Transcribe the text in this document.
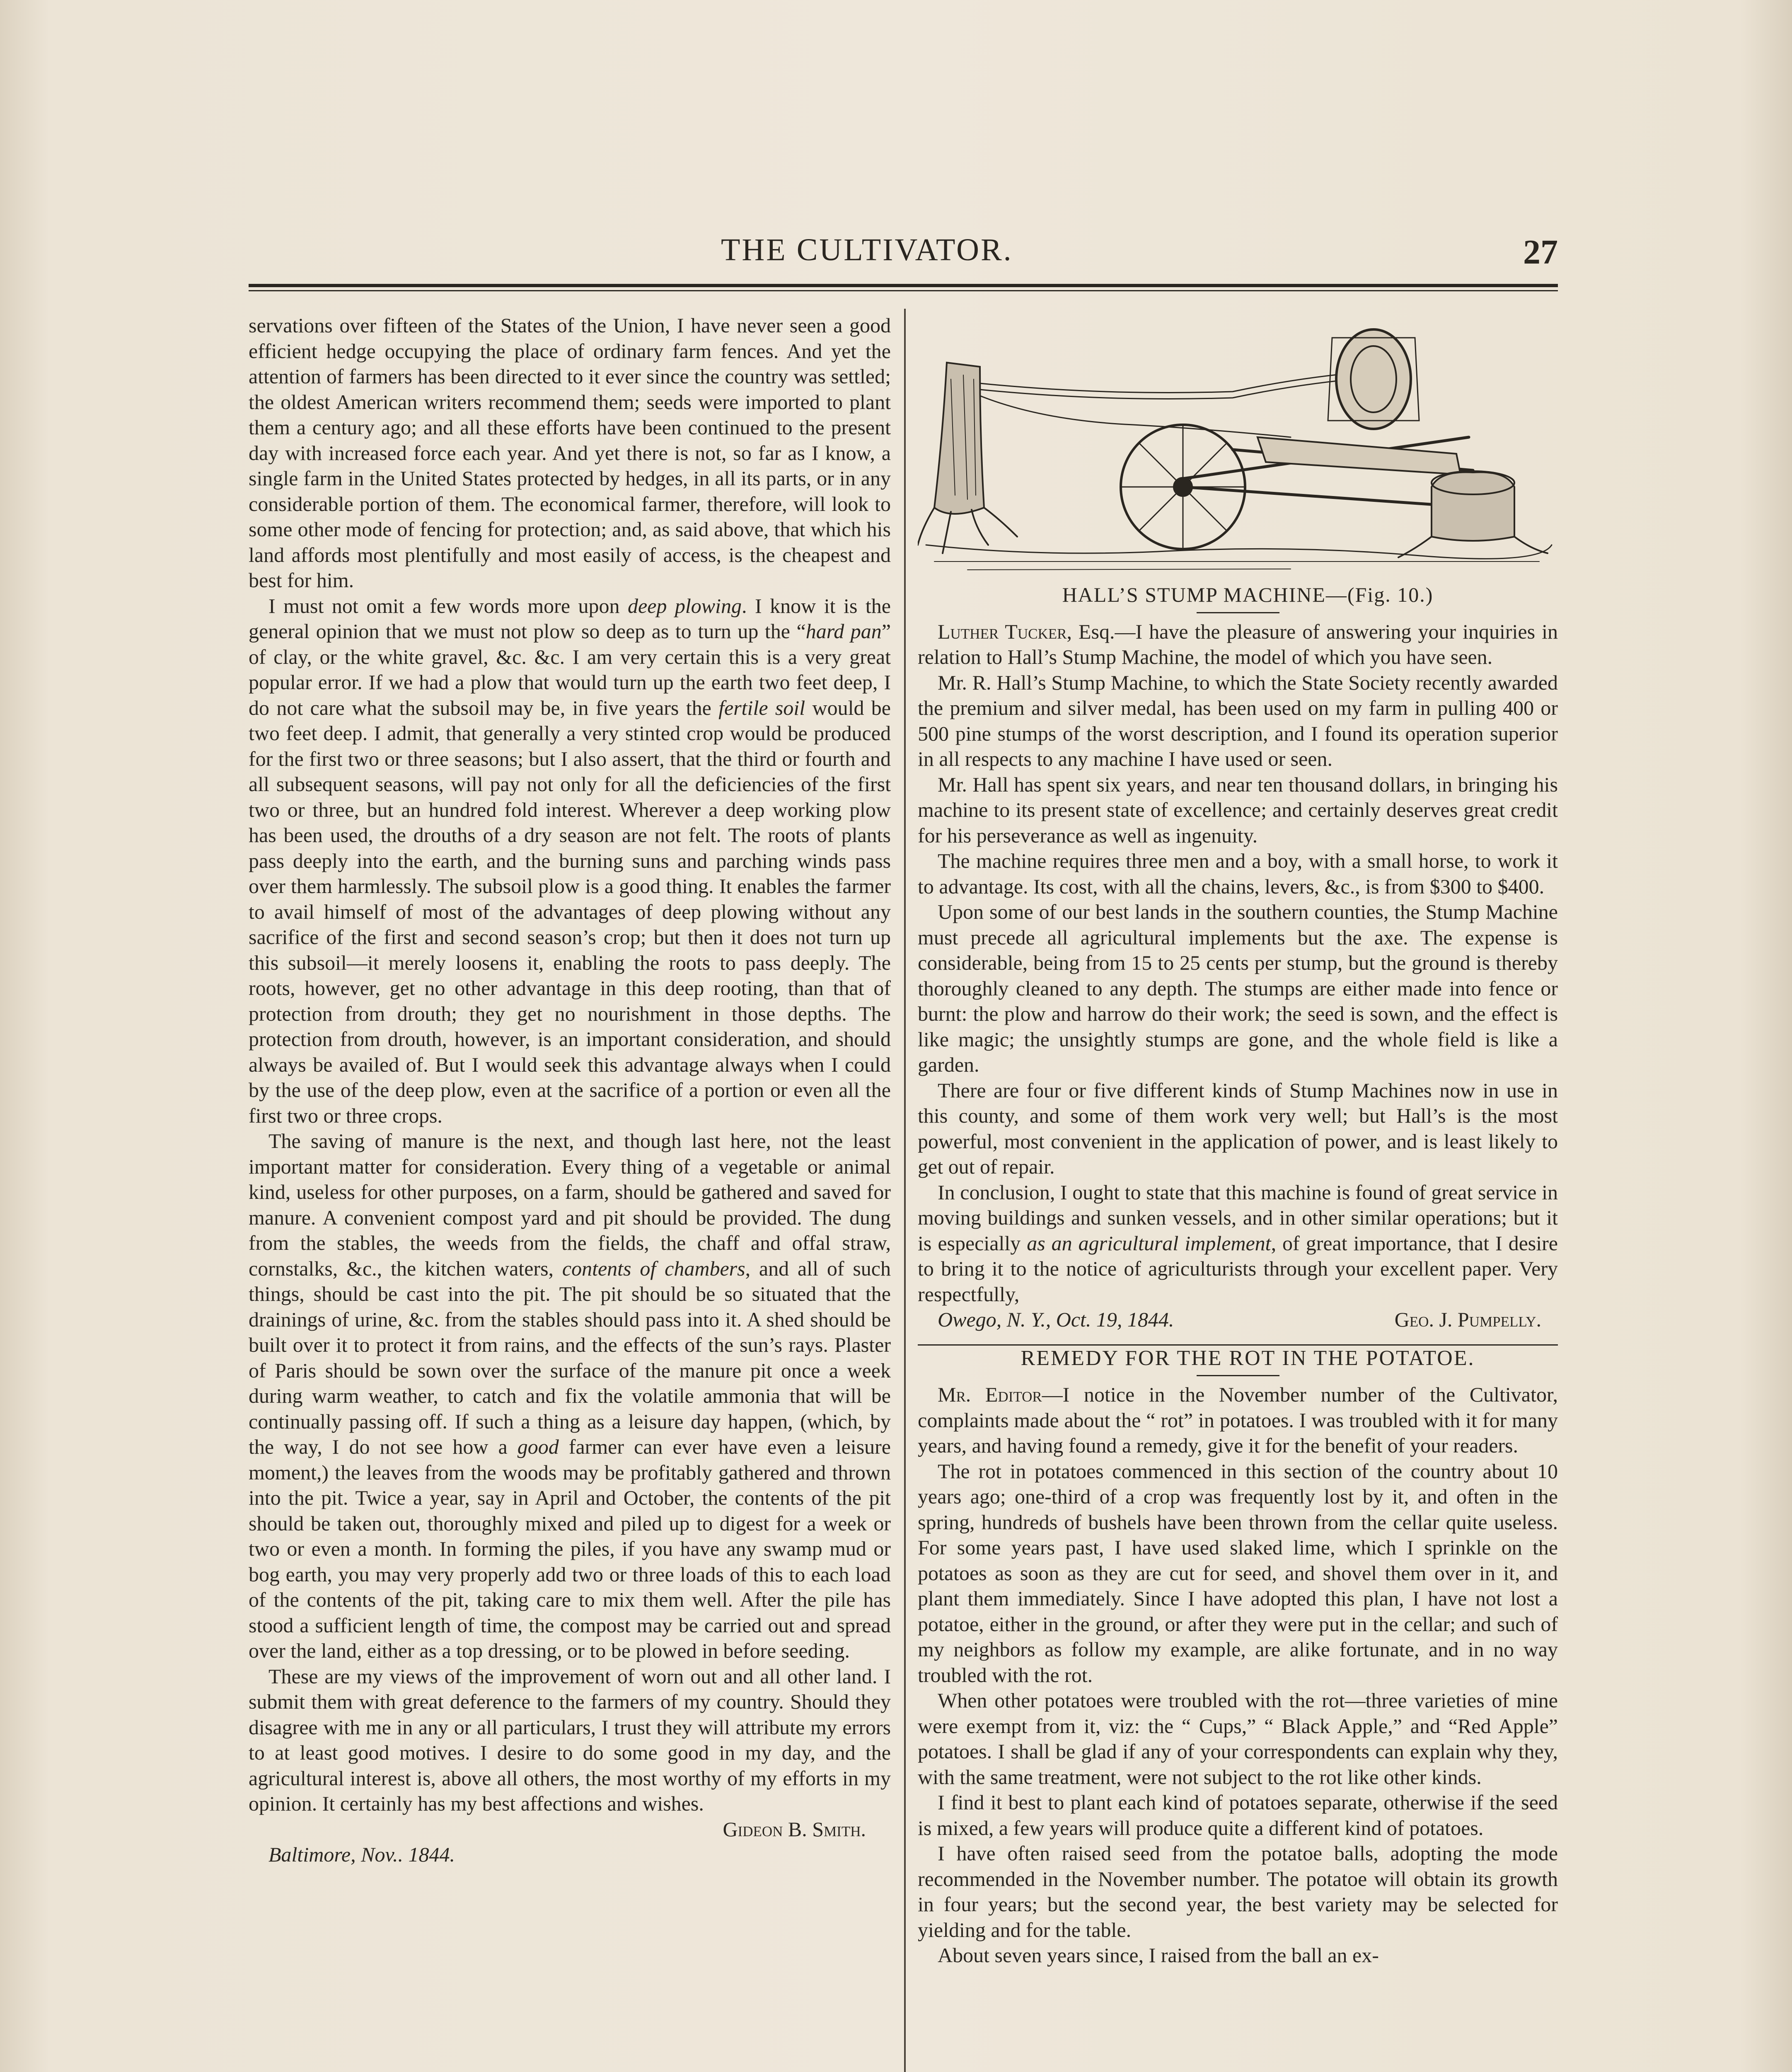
THE CULTIVATOR.	27

servations over fifteen of the States of the Union, I have never seen a good efficient hedge occupying the place of ordinary farm fences. And yet the attention of farmers has been directed to it ever since the country was settled; the oldest American writers recommend them; seeds were imported to plant them a century ago; and all these efforts have been continued to the present day with increased force each year. And yet there is not, so far as I know, a single farm in the United States protected by hedges, in all its parts, or in any considerable portion of them. The economical farmer, therefore, will look to some other mode of fencing for protection; and, as said above, that which his land affords most plentifully and most easily of access, is the cheapest and best for him.

I must not omit a few words more upon deep plowing. I know it is the general opinion that we must not plow so deep as to turn up the “hard pan” of clay, or the white gravel, &c. &c. I am very certain this is a very great popular error. If we had a plow that would turn up the earth two feet deep, I do not care what the subsoil may be, in five years the fertile soil would be two feet deep. I admit, that generally a very stinted crop would be produced for the first two or three seasons; but I also assert, that the third or fourth and all subsequent seasons, will pay not only for all the deficiencies of the first two or three, but an hundred fold interest. Wherever a deep working plow has been used, the drouths of a dry season are not felt. The roots of plants pass deeply into the earth, and the burning suns and parching winds pass over them harmlessly. The subsoil plow is a good thing. It enables the farmer to avail himself of most of the advantages of deep plowing without any sacrifice of the first and second season’s crop; but then it does not turn up this subsoil—it merely loosens it, enabling the roots to pass deeply. The roots, however, get no other advantage in this deep rooting, than that of protection from drouth; they get no nourishment in those depths. The protection from drouth, however, is an important consideration, and should always be availed of. But I would seek this advantage always when I could by the use of the deep plow, even at the sacrifice of a portion or even all the first two or three crops.

The saving of manure is the next, and though last here, not the least important matter for consideration. Every thing of a vegetable or animal kind, useless for other purposes, on a farm, should be gathered and saved for manure. A convenient compost yard and pit should be provided. The dung from the stables, the weeds from the fields, the chaff and offal straw, cornstalks, &c., the kitchen waters, contents of chambers, and all of such things, should be cast into the pit. The pit should be so situated that the drainings of urine, &c. from the stables should pass into it. A shed should be built over it to protect it from rains, and the effects of the sun’s rays. Plaster of Paris should be sown over the surface of the manure pit once a week during warm weather, to catch and fix the volatile ammonia that will be continually passing off. If such a thing as a leisure day happen, (which, by the way, I do not see how a good farmer can ever have even a leisure moment,) the leaves from the woods may be profitably gathered and thrown into the pit. Twice a year, say in April and October, the contents of the pit should be taken out, thoroughly mixed and piled up to digest for a week or two or even a month. In forming the piles, if you have any swamp mud or bog earth, you may very properly add two or three loads of this to each load of the contents of the pit, taking care to mix them well. After the pile has stood a sufficient length of time, the compost may be carried out and spread over the land, either as a top dressing, or to be plowed in before seeding.

These are my views of the improvement of worn out and all other land. I submit them with great deference to the farmers of my country. Should they disagree with me in any or all particulars, I trust they will attribute my errors to at least good motives. I desire to do some good in my day, and the agricultural interest is, above all others, the most worthy of my efforts in my opinion. It certainly has my best affections and wishes.

Gideon B. Smith.

Baltimore, Nov.. 1844.

HALL’S STUMP MACHINE—(Fig. 10.)

Luther Tucker, Esq.—I have the pleasure of answering your inquiries in relation to Hall’s Stump Machine, the model of which you have seen.

Mr. R. Hall’s Stump Machine, to which the State Society recently awarded the premium and silver medal, has been used on my farm in pulling 400 or 500 pine stumps of the worst description, and I found its operation superior in all respects to any machine I have used or seen.

Mr. Hall has spent six years, and near ten thousand dollars, in bringing his machine to its present state of excellence; and certainly deserves great credit for his perseverance as well as ingenuity.

The machine requires three men and a boy, with a small horse, to work it to advantage. Its cost, with all the chains, levers, &c., is from $300 to $400.

Upon some of our best lands in the southern counties, the Stump Machine must precede all agricultural implements but the axe. The expense is considerable, being from 15 to 25 cents per stump, but the ground is thereby thoroughly cleaned to any depth. The stumps are either made into fence or burnt: the plow and harrow do their work; the seed is sown, and the effect is like magic; the unsightly stumps are gone, and the whole field is like a garden.

There are four or five different kinds of Stump Machines now in use in this county, and some of them work very well; but Hall’s is the most powerful, most convenient in the application of power, and is least likely to get out of repair.

In conclusion, I ought to state that this machine is found of great service in moving buildings and sunken vessels, and in other similar operations; but it is especially as an agricultural implement, of great importance, that I desire to bring it to the notice of agriculturists through your excellent paper. Very respectfully,

Owego, N. Y., Oct. 19, 1844.	Geo. J. Pumpelly.

REMEDY FOR THE ROT IN THE POTATOE.

Mr. Editor—I notice in the November number of the Cultivator, complaints made about the “ rot” in potatoes. I was troubled with it for many years, and having found a remedy, give it for the benefit of your readers.

The rot in potatoes commenced in this section of the country about 10 years ago; one-third of a crop was frequently lost by it, and often in the spring, hundreds of bushels have been thrown from the cellar quite useless. For some years past, I have used slaked lime, which I sprinkle on the potatoes as soon as they are cut for seed, and shovel them over in it, and plant them immediately. Since I have adopted this plan, I have not lost a potatoe, either in the ground, or after they were put in the cellar; and such of my neighbors as follow my example, are alike fortunate, and in no way troubled with the rot.

When other potatoes were troubled with the rot—three varieties of mine were exempt from it, viz: the “ Cups,” “ Black Apple,” and “Red Apple” potatoes. I shall be glad if any of your correspondents can explain why they, with the same treatment, were not subject to the rot like other kinds.

I find it best to plant each kind of potatoes separate, otherwise if the seed is mixed, a few years will produce quite a different kind of potatoes.

I have often raised seed from the potatoe balls, adopting the mode recommended in the November number. The potatoe will obtain its growth in four years; but the second year, the best variety may be selected for yielding and for the table.

About seven years since, I raised from the ball an ex-
